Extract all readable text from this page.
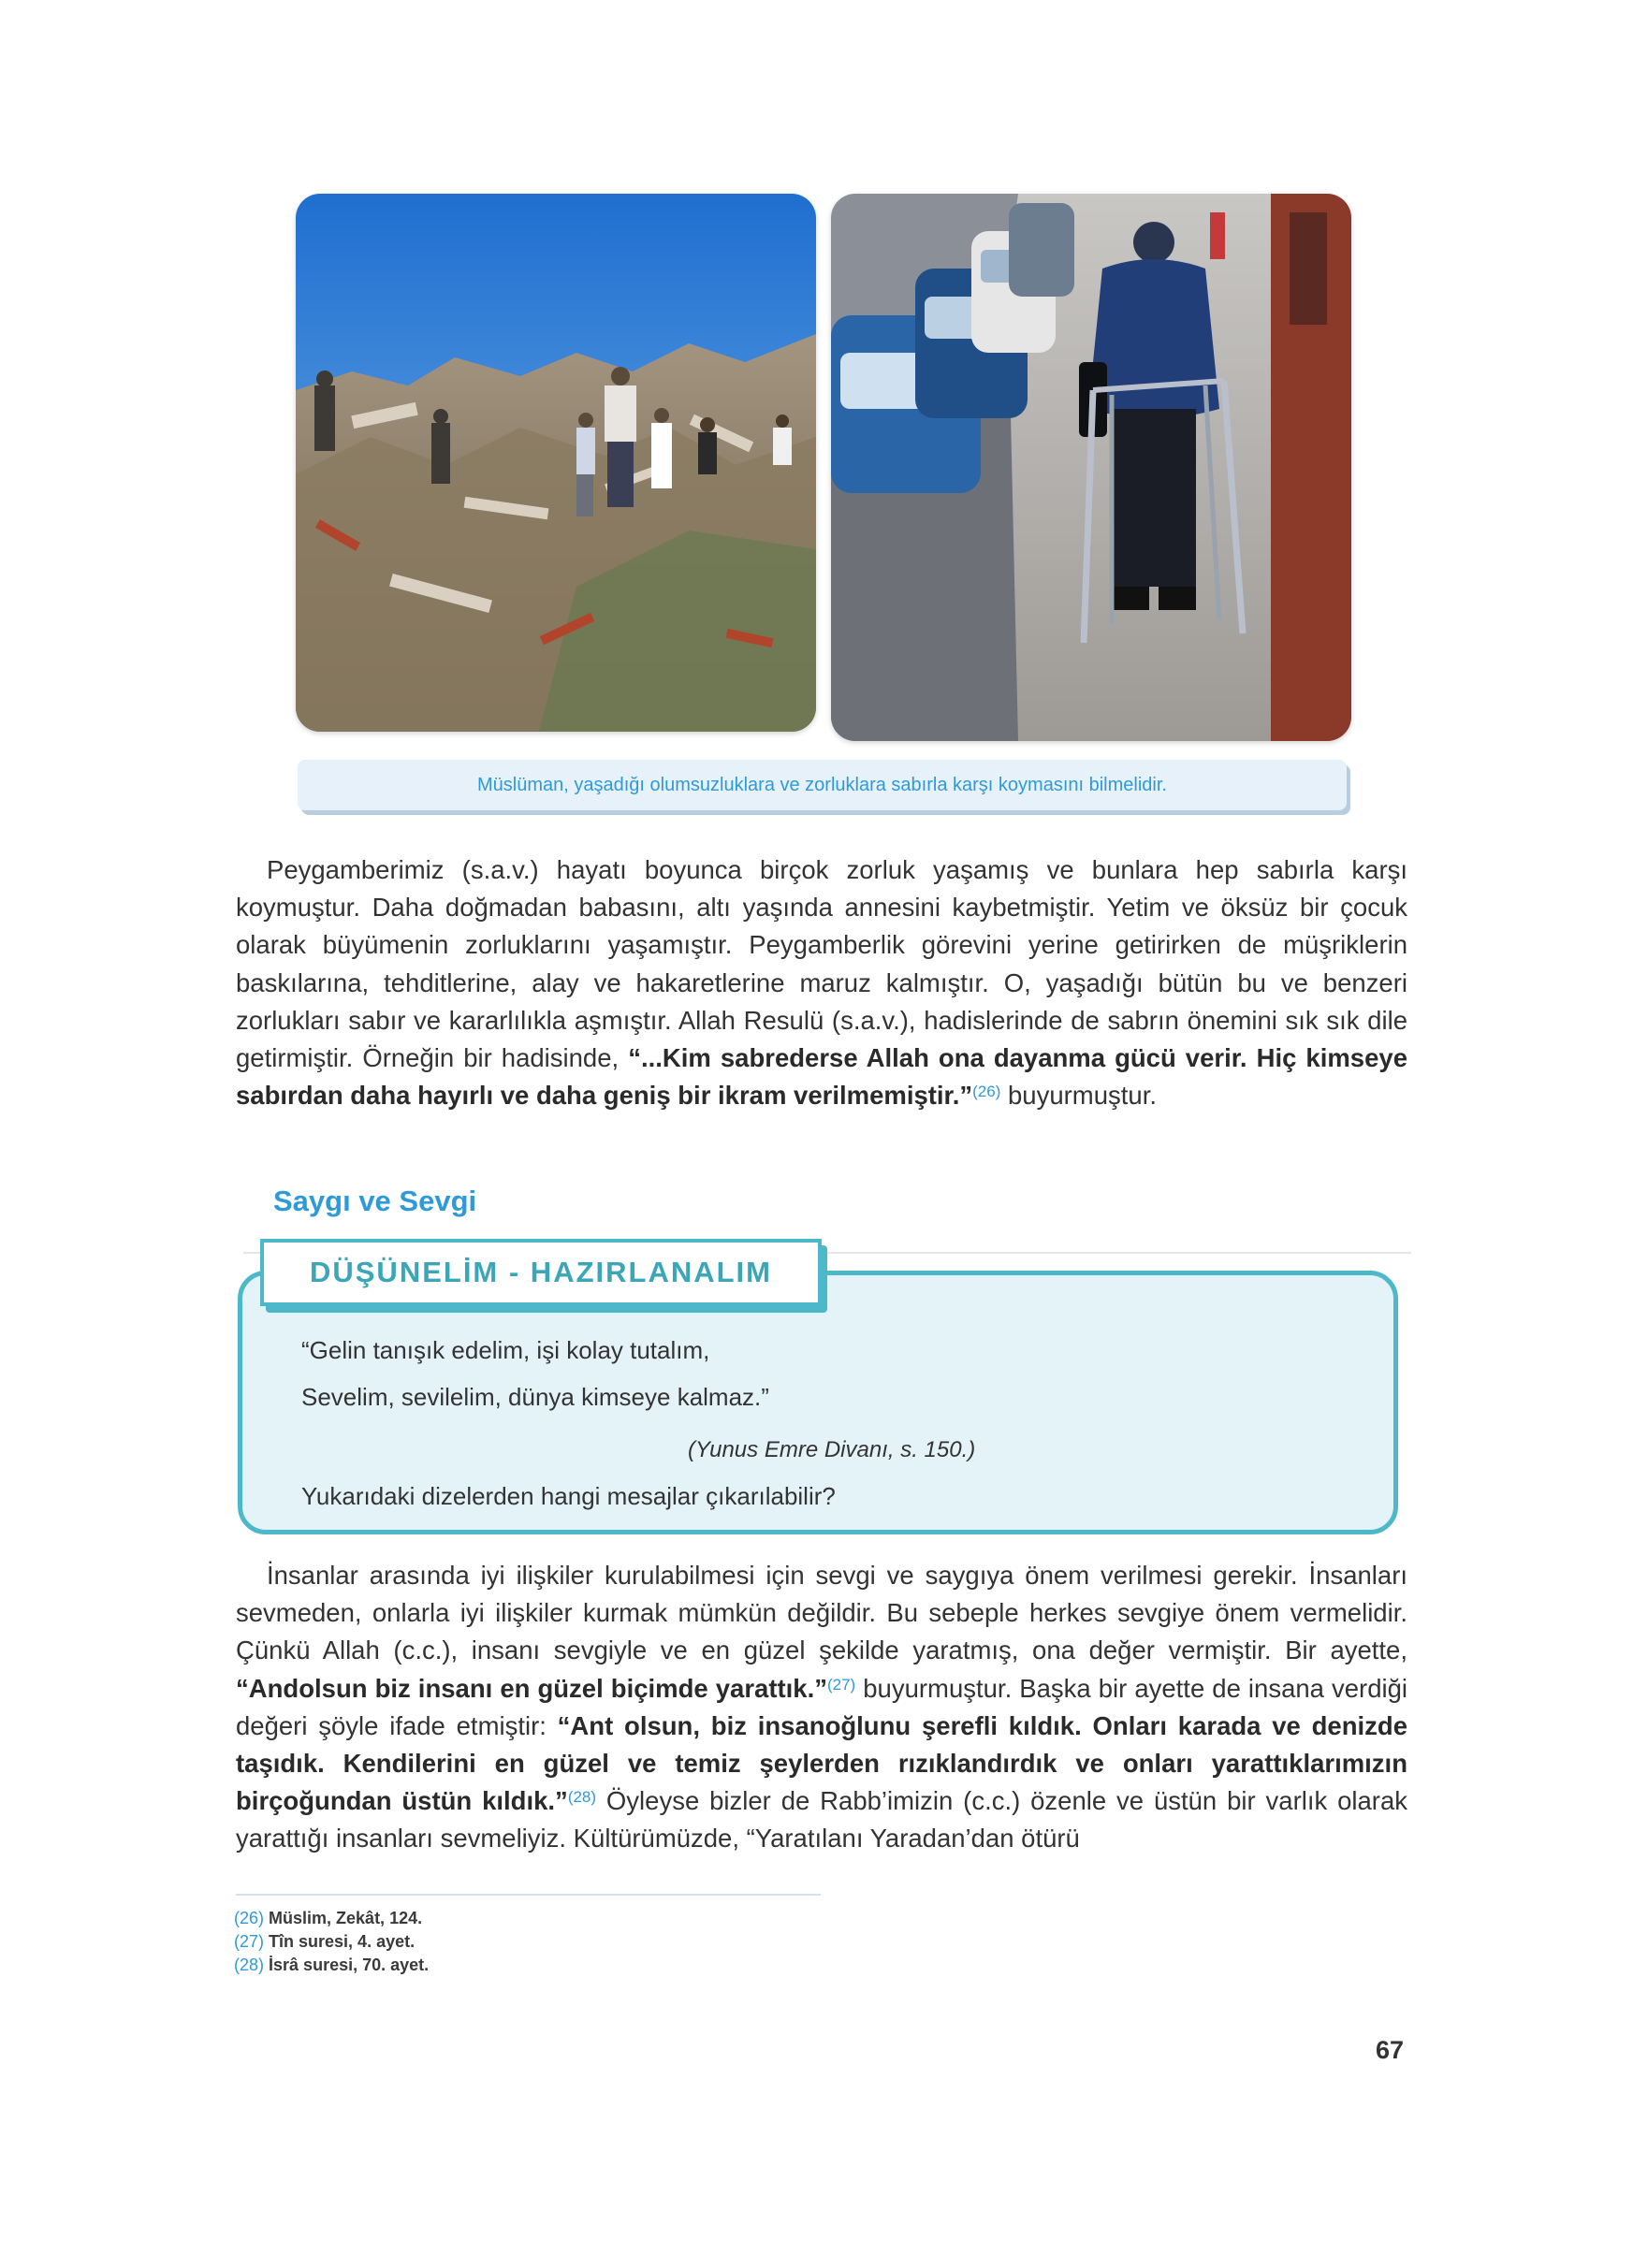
Müslüman, yaşadığı olumsuzluklara ve zorluklara sabırla karşı koymasını bilmelidir.

Peygamberimiz (s.a.v.) hayatı boyunca birçok zorluk yaşamış ve bunlara hep sabırla karşı koymuştur. Daha doğmadan babasını, altı yaşında annesini kaybetmiştir. Yetim ve öksüz bir çocuk olarak büyümenin zorluklarını yaşamıştır. Peygamberlik görevini yerine getirirken de müşriklerin baskılarına, tehditlerine, alay ve hakaretlerine maruz kalmıştır. O, yaşadığı bütün bu ve benzeri zorlukları sabır ve kararlılıkla aşmıştır. Allah Resulü (s.a.v.), hadislerinde de sabrın önemini sık sık dile getirmiştir. Örneğin bir hadisinde, “...Kim sabrederse Allah ona dayanma gücü verir. Hiç kimseye sabırdan daha hayırlı ve daha geniş bir ikram verilmemiştir.”$^{(26)}$ buyurmuştur.

Saygı ve Sevgi
DÜŞÜNELİM - HAZIRLANALIM
“Gelin tanışık edelim, işi kolay tutalım,
Sevelim, sevilelim, dünya kimseye kalmaz.”
(Yunus Emre Divanı, s. 150.)
Yukarıdaki dizelerden hangi mesajlar çıkarılabilir?

İnsanlar arasında iyi ilişkiler kurulabilmesi için sevgi ve saygıya önem verilmesi gerekir. İnsanları sevmeden, onlarla iyi ilişkiler kurmak mümkün değildir. Bu sebeple herkes sevgiye önem vermelidir. Çünkü Allah (c.c.), insanı sevgiyle ve en güzel şekilde yaratmış, ona değer vermiştir. Bir ayette, “Andolsun biz insanı en güzel biçimde yarattık.”$^{(27)}$ buyurmuştur. Başka bir ayette de insana verdiği değeri şöyle ifade etmiştir: “Ant olsun, biz insanoğlunu şerefli kıldık. Onları karada ve denizde taşıdık. Kendilerini en güzel ve temiz şeylerden rızıklandırdık ve onları yarattıklarımızın birçoğundan üstün kıldık.”$^{(28)}$ Öyleyse bizler de Rabb’imizin (c.c.) özenle ve üstün bir varlık olarak yarattığı insanları sevmeliyiz. Kültürümüzde, “Yaratılanı Yaradan’dan ötürü

(26) Müslim, Zekât, 124.
(27) Tîn suresi, 4. ayet.
(28) İsrâ suresi, 70. ayet.
67
